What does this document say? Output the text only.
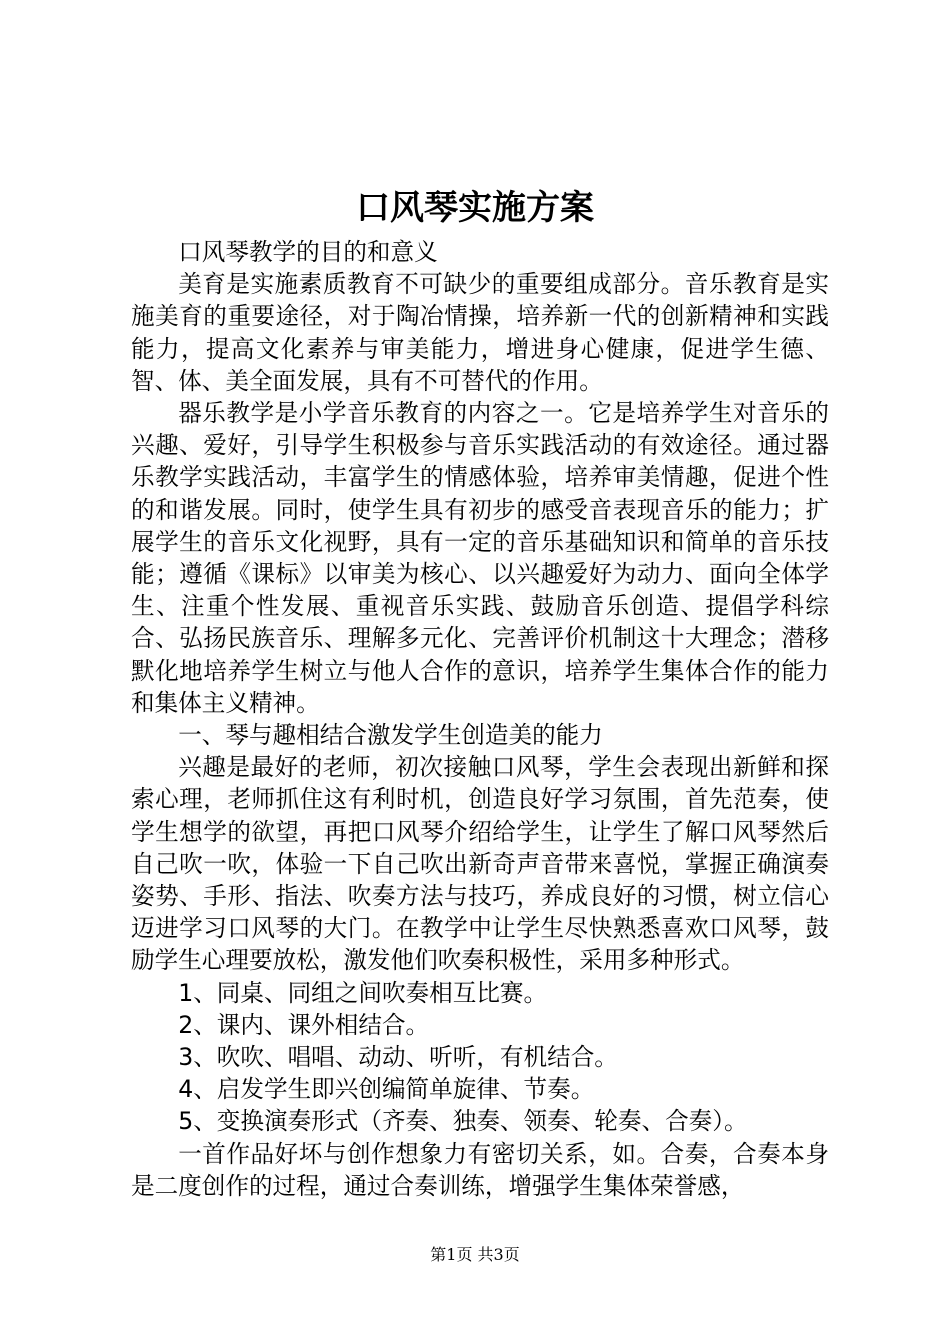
口风琴实施方案

口风琴教学的目的和意义

美育是实施素质教育不可缺少的重要组成部分。音乐教育是实施美育的重要途径，对于陶冶情操，培养新一代的创新精神和实践能力，提高文化素养与审美能力，增进身心健康，促进学生德、智、体、美全面发展，具有不可替代的作用。

器乐教学是小学音乐教育的内容之一。它是培养学生对音乐的兴趣、爱好，引导学生积极参与音乐实践活动的有效途径。通过器乐教学实践活动，丰富学生的情感体验，培养审美情趣，促进个性的和谐发展。同时，使学生具有初步的感受音表现音乐的能力；扩展学生的音乐文化视野，具有一定的音乐基础知识和简单的音乐技能；遵循《课标》以审美为核心、以兴趣爱好为动力、面向全体学生、注重个性发展、重视音乐实践、鼓励音乐创造、提倡学科综合、弘扬民族音乐、理解多元化、完善评价机制这十大理念；潜移默化地培养学生树立与他人合作的意识，培养学生集体合作的能力和集体主义精神。

一、琴与趣相结合激发学生创造美的能力

兴趣是最好的老师，初次接触口风琴，学生会表现出新鲜和探索心理，老师抓住这有利时机，创造良好学习氛围，首先范奏，使学生想学的欲望，再把口风琴介绍给学生，让学生了解口风琴然后自己吹一吹，体验一下自己吹出新奇声音带来喜悦，掌握正确演奏姿势、手形、指法、吹奏方法与技巧，养成良好的习惯，树立信心迈进学习口风琴的大门。在教学中让学生尽快熟悉喜欢口风琴，鼓励学生心理要放松，激发他们吹奏积极性，采用多种形式。

1、同桌、同组之间吹奏相互比赛。

2、课内、课外相结合。

3、吹吹、唱唱、动动、听听，有机结合。

4、启发学生即兴创编简单旋律、节奏。

5、变换演奏形式（齐奏、独奏、领奏、轮奏、合奏）。

一首作品好坏与创作想象力有密切关系，如。合奏，合奏本身是二度创作的过程，通过合奏训练，增强学生集体荣誉感，

第1页 共3页
